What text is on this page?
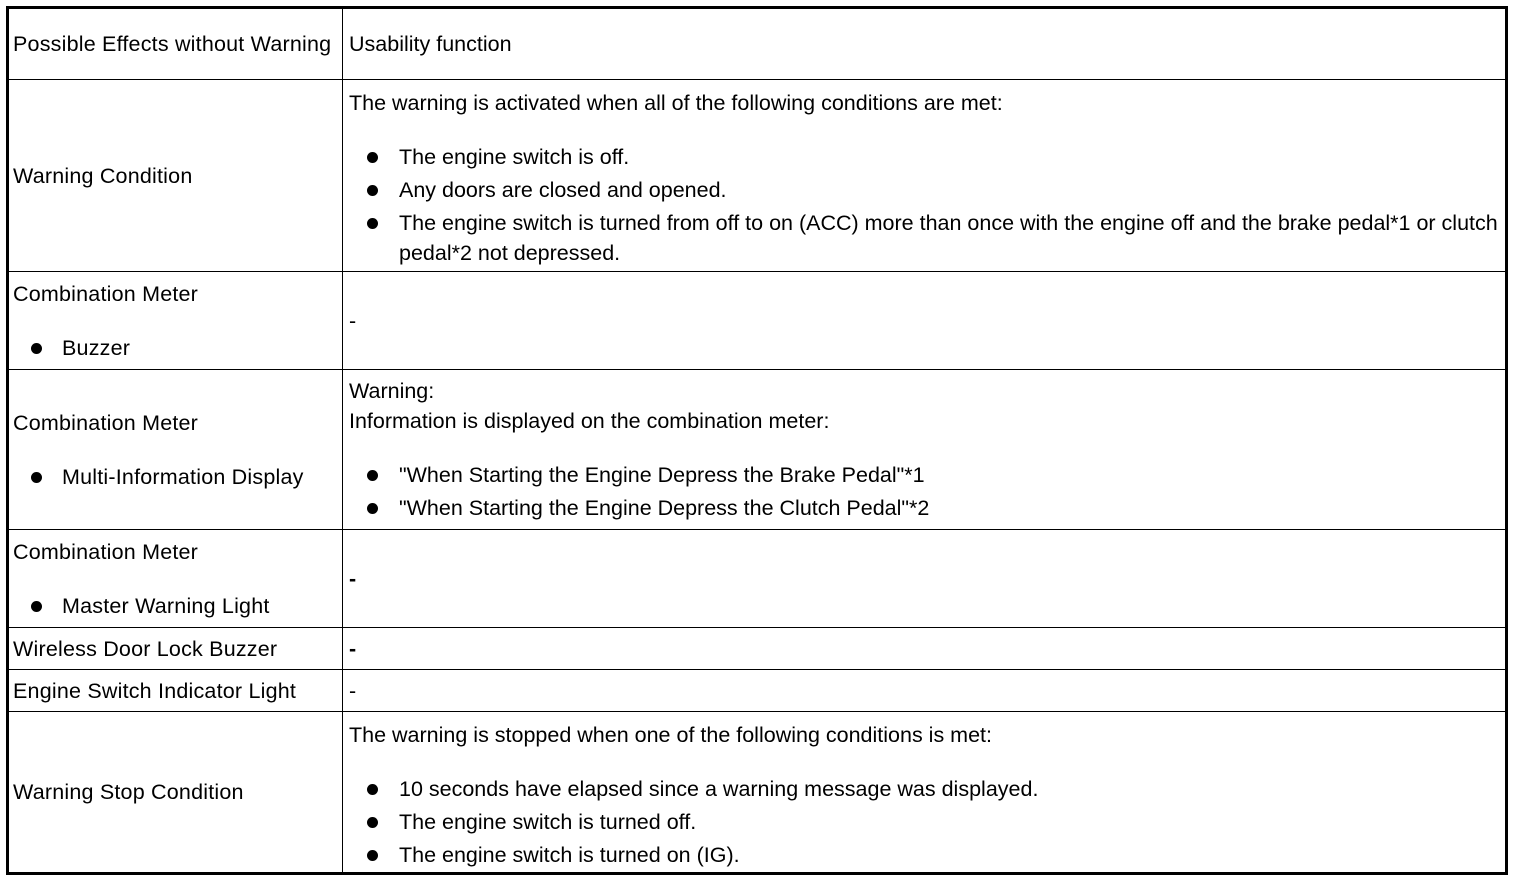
Possible Effects without Warning Usability function
Warning Condition
The warning is activated when all of the following conditions are met:
The engine switch is off.
Any doors are closed and opened.
The engine switch is turned from off to on (ACC) more than once with the engine off and the brake pedal*1 or clutch pedal*2 not depressed.
Combination Meter
Buzzer
-
Combination Meter
Multi-Information Display
Warning:
Information is displayed on the combination meter:
"When Starting the Engine Depress the Brake Pedal"*1
"When Starting the Engine Depress the Clutch Pedal"*2
Combination Meter
Master Warning Light
-
Wireless Door Lock Buzzer	-
Engine Switch Indicator Light	-
Warning Stop Condition
The warning is stopped when one of the following conditions is met:
10 seconds have elapsed since a warning message was displayed.
The engine switch is turned off.
The engine switch is turned on (IG).
